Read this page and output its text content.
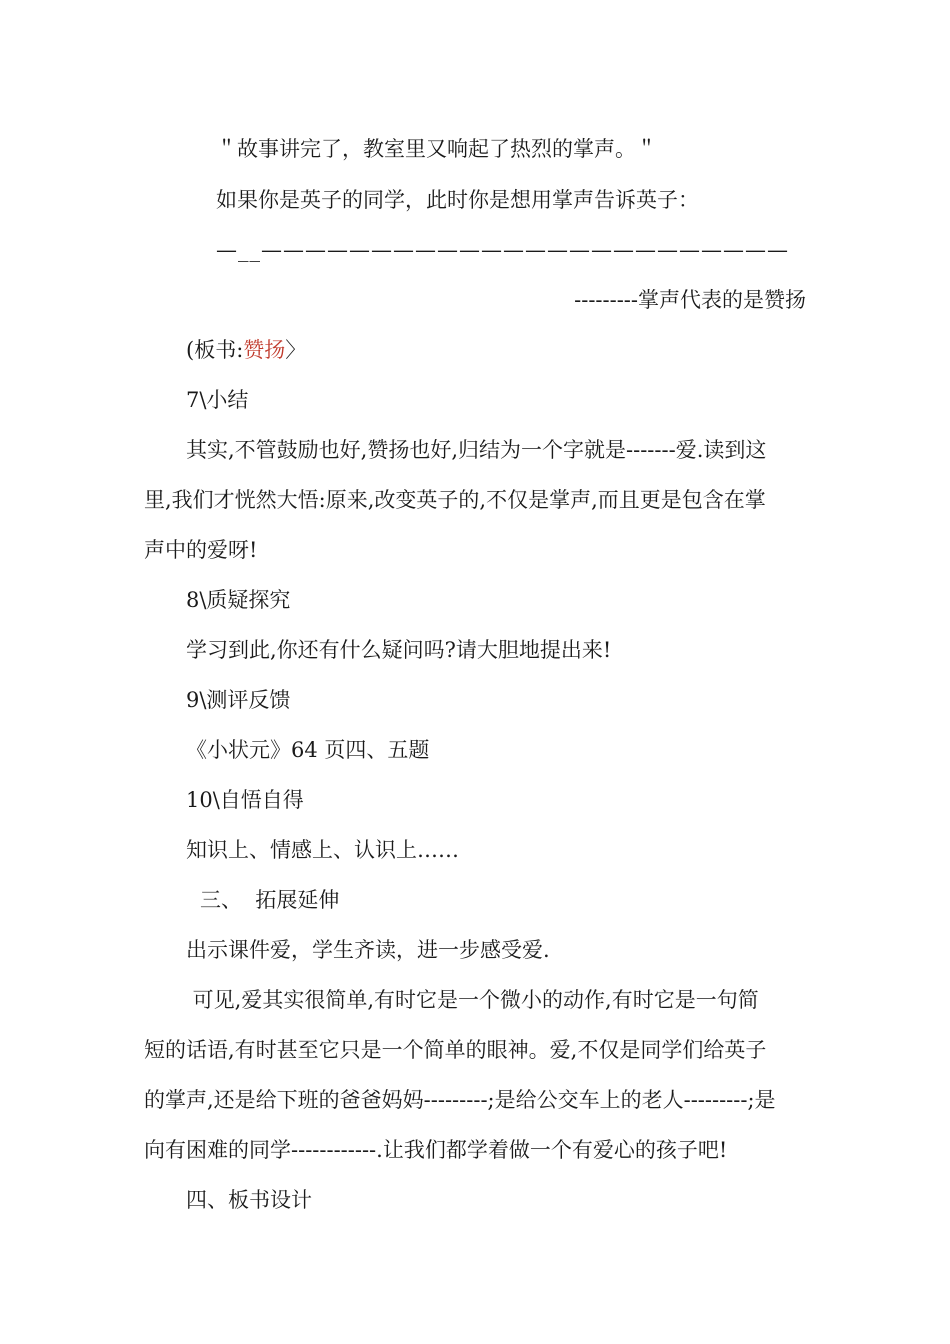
＂故事讲完了，教室里又响起了热烈的掌声。＂
如果你是英子的同学，此时你是想用掌声告诉英子：
—__————————————————————————
---------掌声代表的是赞扬
(板书:赞扬〉
7\小结
其实,不管鼓励也好,赞扬也好,归结为一个字就是-------爱.读到这
里,我们才恍然大悟:原来,改变英子的,不仅是掌声,而且更是包含在掌
声中的爱呀!
8\质疑探究
学习到此,你还有什么疑问吗?请大胆地提出来!
9\测评反馈
《小状元》64 页四、五题
10\自悟自得
知识上、情感上、认识上……
三、  拓展延伸
出示课件爱，学生齐读，进一步感受爱.
可见,爱其实很简单,有时它是一个微小的动作,有时它是一句简
短的话语,有时甚至它只是一个简单的眼神。爱,不仅是同学们给英子
的掌声,还是给下班的爸爸妈妈---------;是给公交车上的老人---------;是
向有困难的同学------------.让我们都学着做一个有爱心的孩子吧!
四、板书设计
